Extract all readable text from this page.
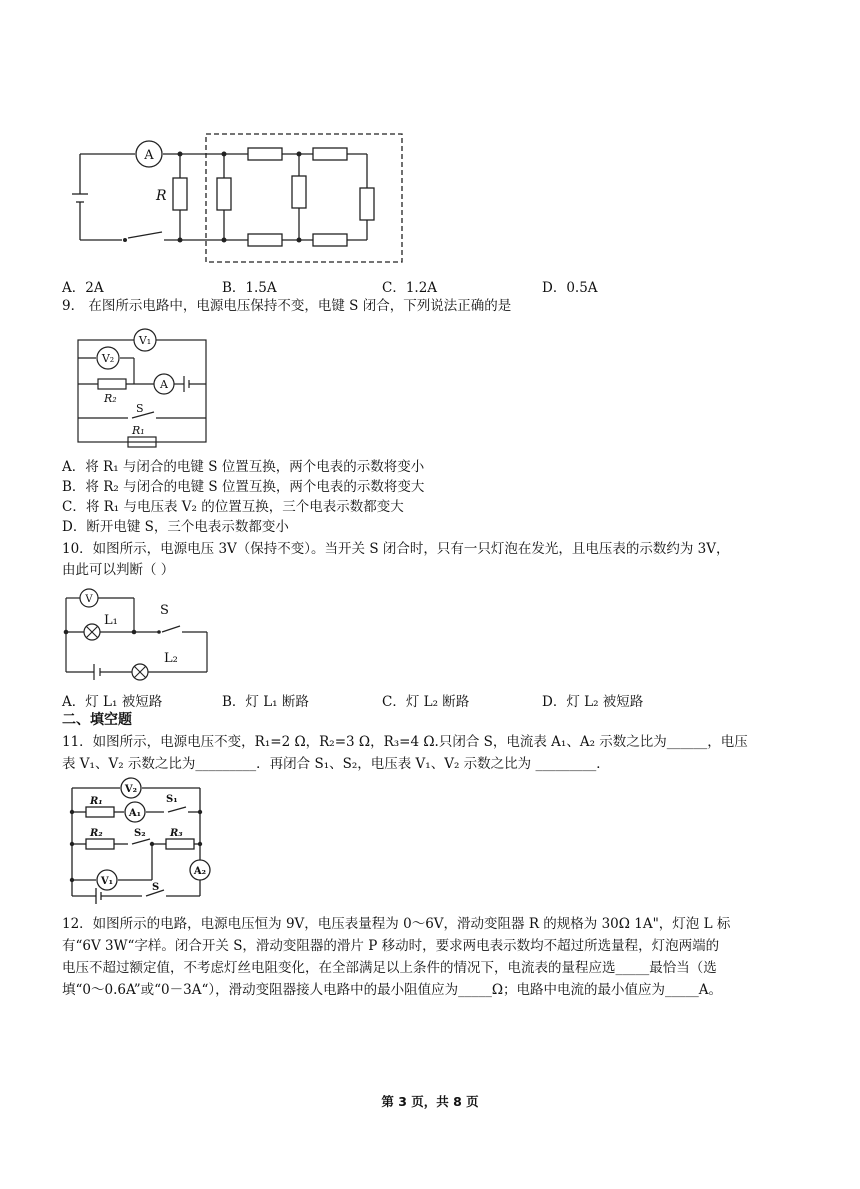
A
R
A．2A	B．1.5A	C．1.2A	D．0.5A
9． 在图所示电路中，电源电压保持不变，电键 S 闭合，下列说法正确的是
V₁
V₂
A
R₂
S
R₁
A．将 R₁ 与闭合的电键 S 位置互换，两个电表的示数将变小
B．将 R₂ 与闭合的电键 S 位置互换，两个电表的示数将变大
C．将 R₁ 与电压表 V₂ 的位置互换，三个电表示数都变大
D．断开电键 S，三个电表示数都变小
10．如图所示，电源电压 3V（保持不变）。当开关 S 闭合时，只有一只灯泡在发光，且电压表的示数约为 3V，
由此可以判断（ ）
V
L₁
S
L₂
A．灯 L₁ 被短路	B．灯 L₁ 断路	C．灯 L₂ 断路	D．灯 L₂ 被短路
二、填空题
11．如图所示，电源电压不变，R₁=2 Ω，R₂=3 Ω，R₃=4 Ω.只闭合 S，电流表 A₁、A₂ 示数之比为______，电压
表 V₁、V₂ 示数之比为_________．再闭合 S₁、S₂，电压表 V₁、V₂ 示数之比为 _________．
R₁
V₂
S₁
R₂
A₁
S₂ R₃
A₂
V₁
S
12．如图所示的电路，电源电压恒为 9V，电压表量程为 0～6V，滑动变阻器 R 的规格为 30Ω 1A"，灯泡 L 标
有“6V 3W“字样。闭合开关 S，滑动变阻器的滑片 P 移动时，要求两电表示数均不超过所选量程，灯泡两端的
电压不超过额定值，不考虑灯丝电阻变化，在全部满足以上条件的情况下，电流表的量程应选_____最恰当（选
填“0～0.6A”或“0－3A“），滑动变阻器接人电路中的最小阻值应为_____Ω；电路中电流的最小值应为_____A。
第 3 页，共 8 页
